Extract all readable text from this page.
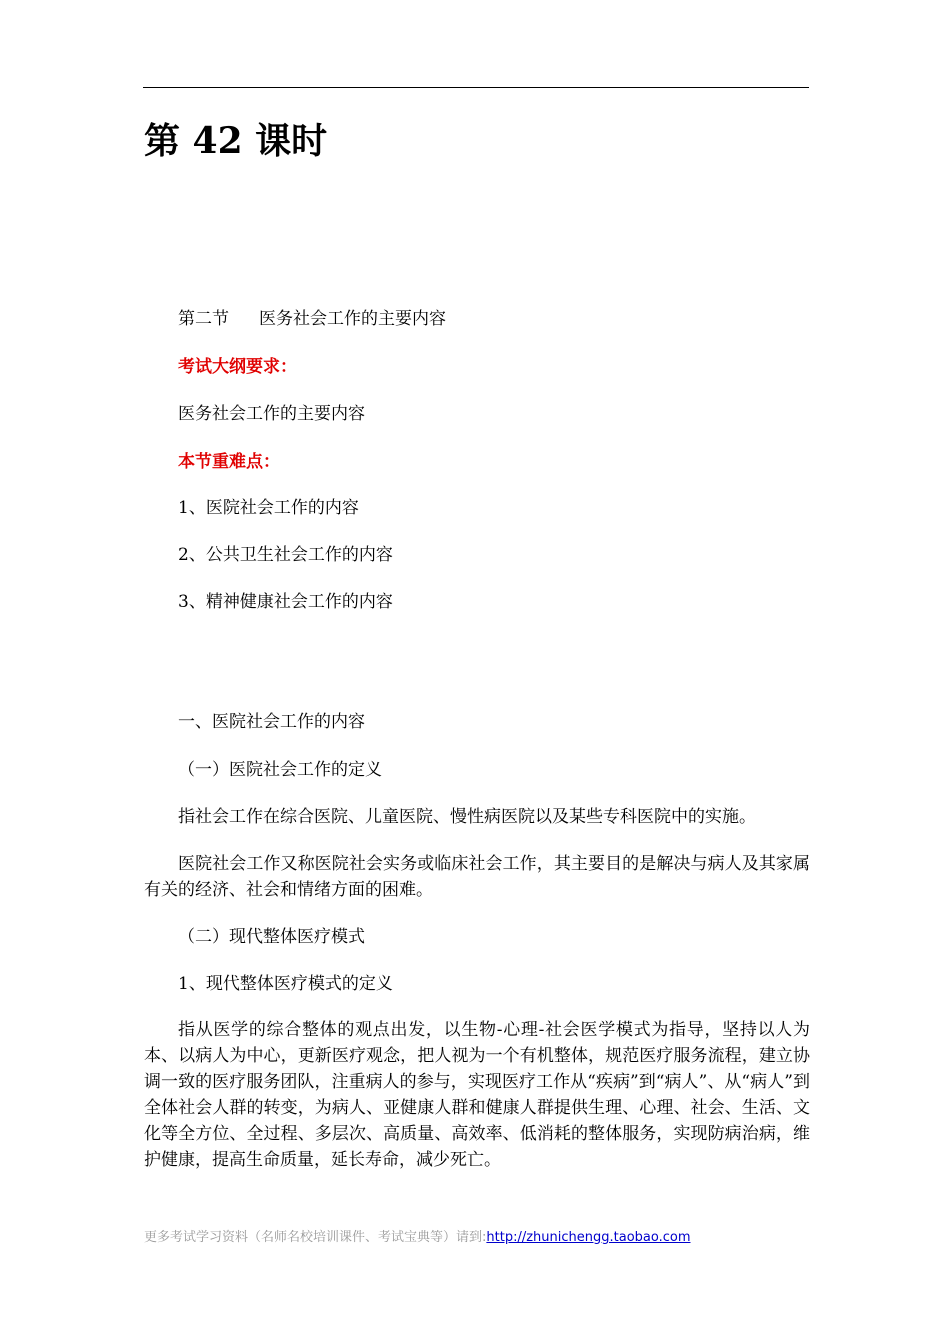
第 42 课时
第二节 医务社会工作的主要内容
考试大纲要求：
医务社会工作的主要内容
本节重难点：
1、医院社会工作的内容
2、公共卫生社会工作的内容
3、精神健康社会工作的内容
一、医院社会工作的内容
（一）医院社会工作的定义
指社会工作在综合医院、儿童医院、慢性病医院以及某些专科医院中的实施。
医院社会工作又称医院社会实务或临床社会工作，其主要目的是解决与病人及其家属有关的经济、社会和情绪方面的困难。
（二）现代整体医疗模式
1、现代整体医疗模式的定义
指从医学的综合整体的观点出发，以生物-心理-社会医学模式为指导，坚持以人为本、以病人为中心，更新医疗观念，把人视为一个有机整体，规范医疗服务流程，建立协调一致的医疗服务团队，注重病人的参与，实现医疗工作从“疾病”到“病人”、从“病人”到全体社会人群的转变，为病人、亚健康人群和健康人群提供生理、心理、社会、生活、文化等全方位、全过程、多层次、高质量、高效率、低消耗的整体服务，实现防病治病，维护健康，提高生命质量，延长寿命，减少死亡。
更多考试学习资料（名师名校培训课件、考试宝典等）请到:http://zhunichengg.taobao.com
